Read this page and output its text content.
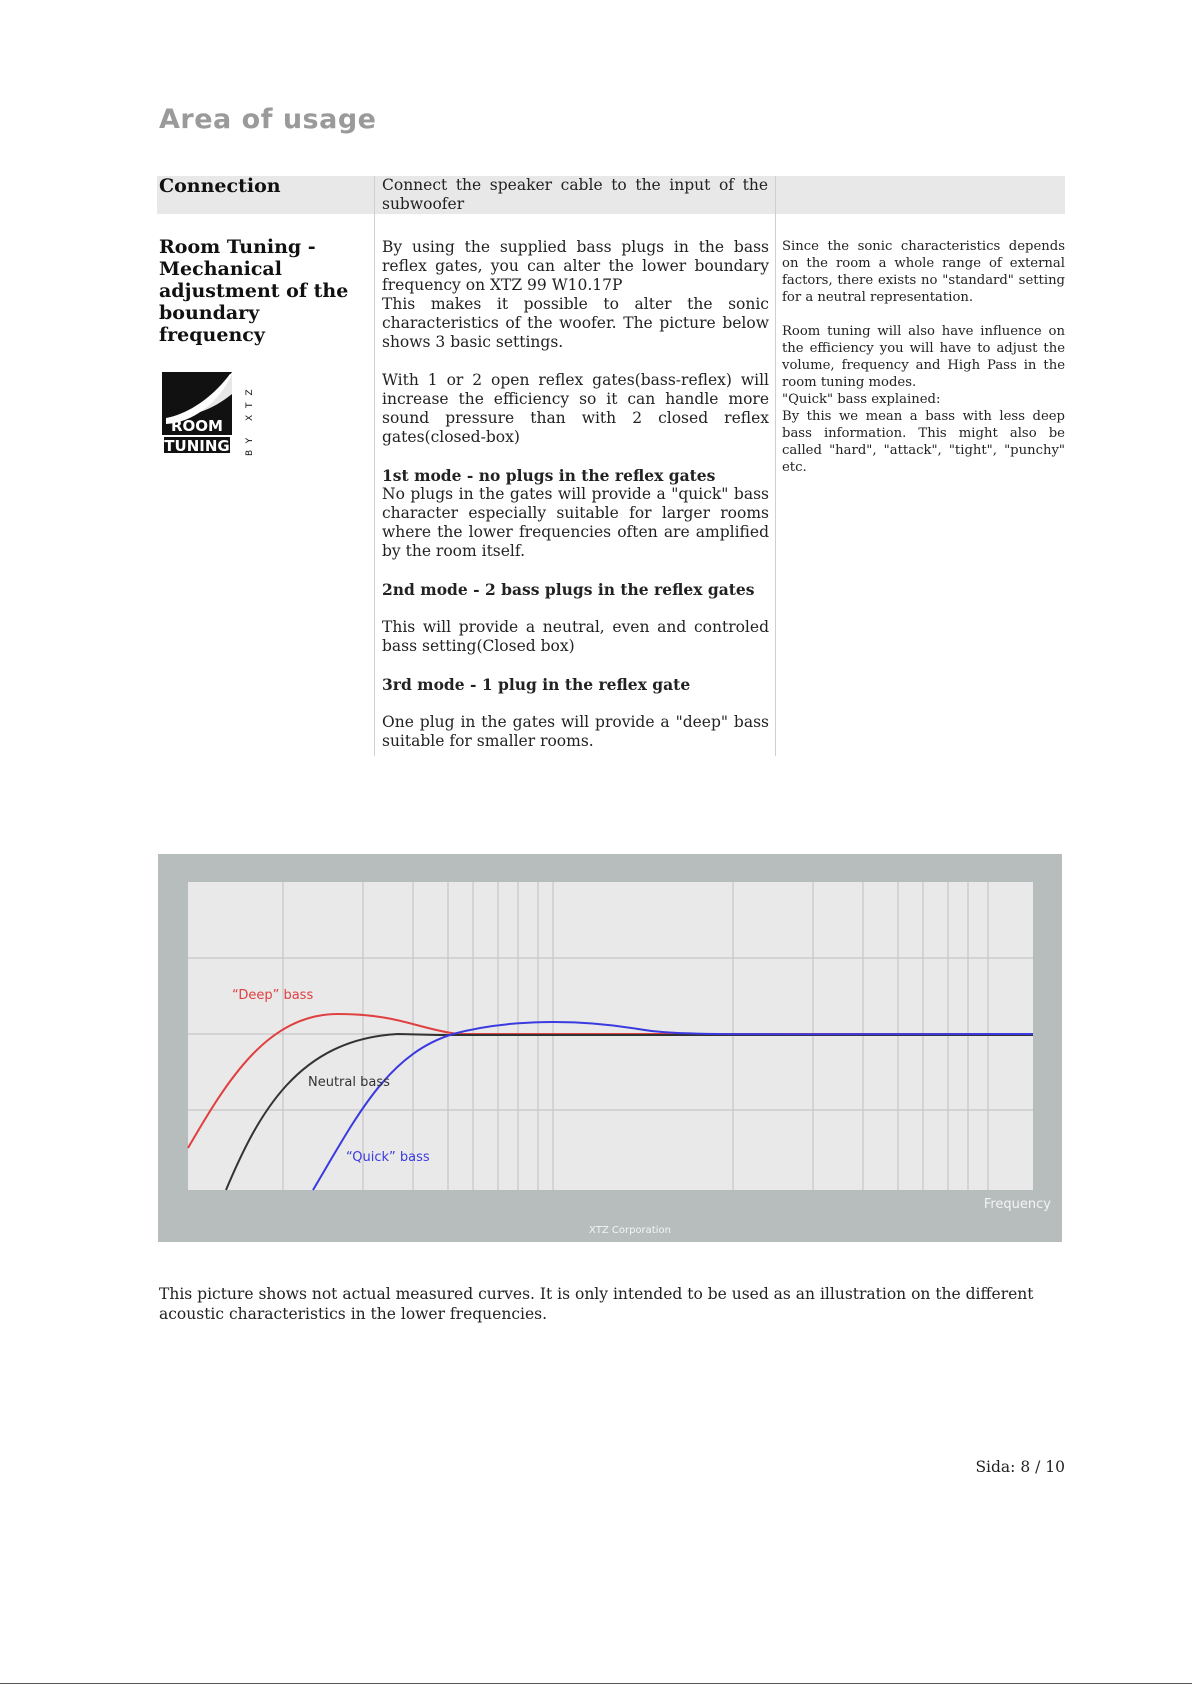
Area of usage
Connection	Connect the speaker cable to the input of the subwoofer
Room Tuning - Mechanical adjustment of the boundary frequency
ROOM
TUNING BY XTZ

By using the supplied bass plugs in the bass reflex gates, you can alter the lower boundary frequency on XTZ 99 W10.17P

This makes it possible to alter the sonic characteristics of the woofer. The picture below shows 3 basic settings.

With 1 or 2 open reflex gates(bass-reflex) will increase the efficiency so it can handle more sound pressure than with 2 closed reflex gates(closed-box)

1st mode - no plugs in the reflex gates

No plugs in the gates will provide a "quick" bass character especially suitable for larger rooms where the lower frequencies often are amplified by the room itself.

2nd mode - 2 bass plugs in the reflex gates

This will provide a neutral, even and controled bass setting(Closed box)

3rd mode - 1 plug in the reflex gate

One plug in the gates will provide a "deep" bass suitable for smaller rooms.

Since the sonic characteristics depends on the room a whole range of external factors, there exists no "standard" setting for a neutral representation.

Room tuning will also have influence on the efficiency you will have to adjust the volume, frequency and High Pass in the room tuning modes.

"Quick" bass explained:

By this we mean a bass with less deep bass information. This might also be called "hard", "attack", "tight", "punchy" etc.

“Deep” bass
Neutral bass
“Quick” bass
Frequency
XTZ Corporation
This picture shows not actual measured curves. It is only intended to be used as an illustration on the different acoustic characteristics in the lower frequencies.
Sida: 8 / 10
